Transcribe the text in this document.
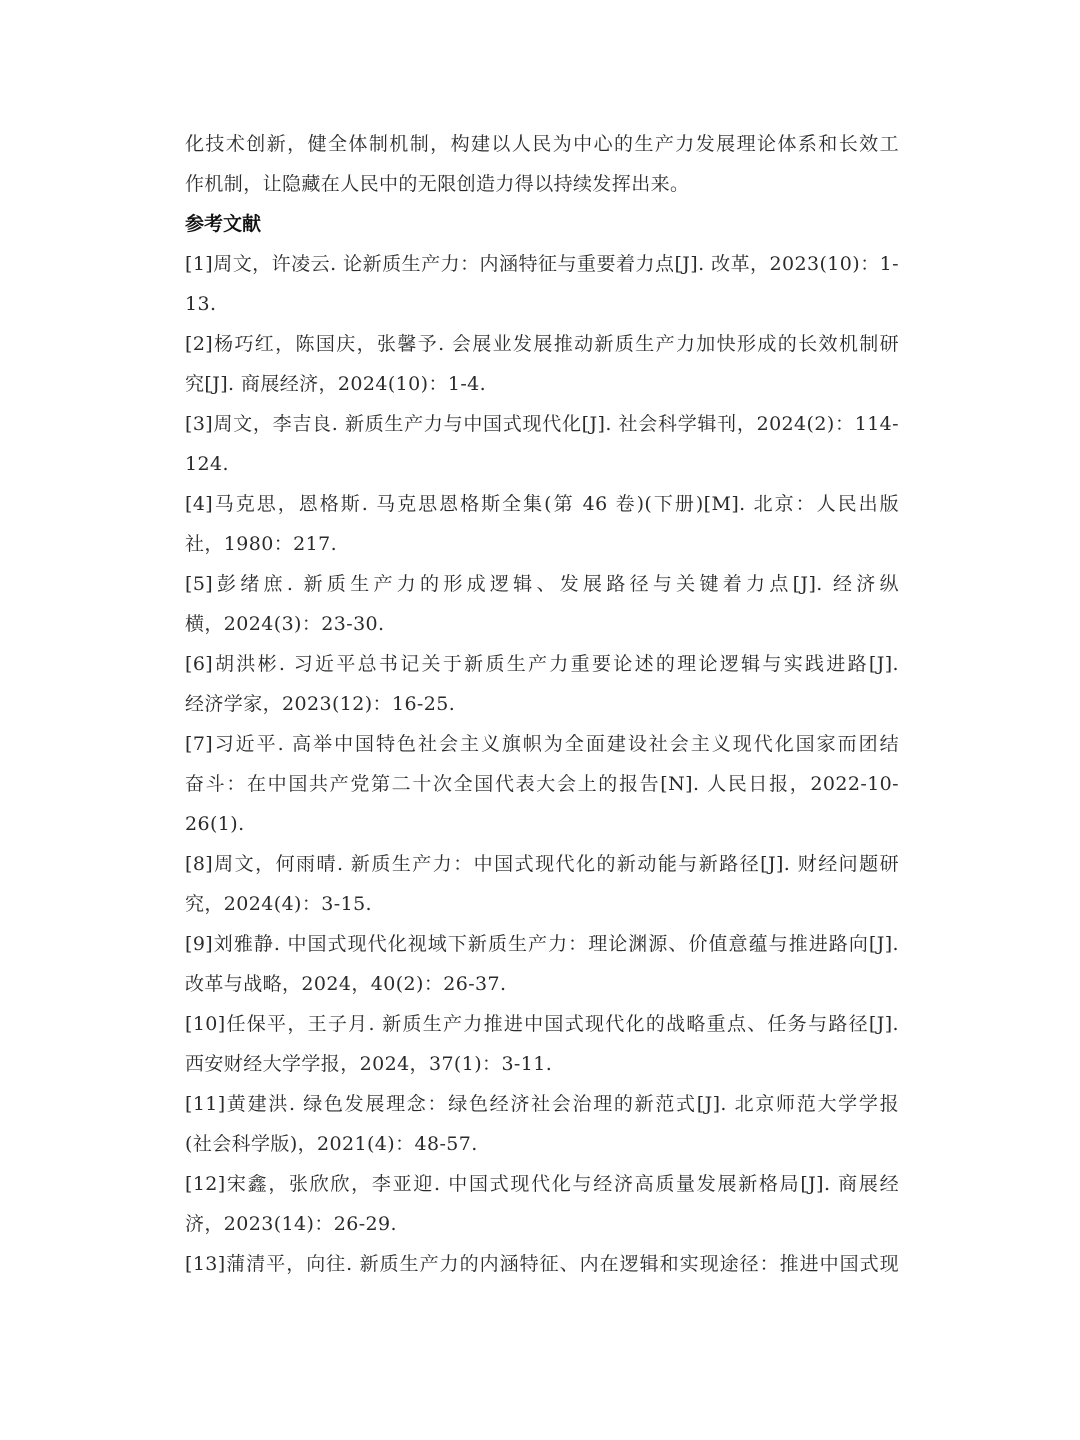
化技术创新，健全体制机制，构建以人民为中心的生产力发展理论体系和长效工
作机制，让隐藏在人民中的无限创造力得以持续发挥出来。
参考文献
[1]周文，许凌云. 论新质生产力：内涵特征与重要着力点[J]. 改革，2023(10)：1-
13.
[2]杨巧红，陈国庆，张馨予. 会展业发展推动新质生产力加快形成的长效机制研
究[J]. 商展经济，2024(10)：1-4.
[3]周文，李吉良. 新质生产力与中国式现代化[J]. 社会科学辑刊，2024(2)：114-
124.
[4]马克思，恩格斯. 马克思恩格斯全集(第 46 卷)(下册)[M]. 北京：人民出版
社，1980：217.
[5]彭绪庶. 新质生产力的形成逻辑、发展路径与关键着力点[J]. 经济纵
横，2024(3)：23-30.
[6]胡洪彬. 习近平总书记关于新质生产力重要论述的理论逻辑与实践进路[J].
经济学家，2023(12)：16-25.
[7]习近平. 高举中国特色社会主义旗帜为全面建设社会主义现代化国家而团结
奋斗：在中国共产党第二十次全国代表大会上的报告[N]. 人民日报，2022-10-
26(1).
[8]周文，何雨晴. 新质生产力：中国式现代化的新动能与新路径[J]. 财经问题研
究，2024(4)：3-15.
[9]刘雅静. 中国式现代化视域下新质生产力：理论渊源、价值意蕴与推进路向[J].
改革与战略，2024，40(2)：26-37.
[10]任保平，王子月. 新质生产力推进中国式现代化的战略重点、任务与路径[J].
西安财经大学学报，2024，37(1)：3-11.
[11]黄建洪. 绿色发展理念：绿色经济社会治理的新范式[J]. 北京师范大学学报
(社会科学版)，2021(4)：48-57.
[12]宋鑫，张欣欣，李亚迎. 中国式现代化与经济高质量发展新格局[J]. 商展经
济，2023(14)：26-29.
[13]蒲清平，向往. 新质生产力的内涵特征、内在逻辑和实现途径：推进中国式现
